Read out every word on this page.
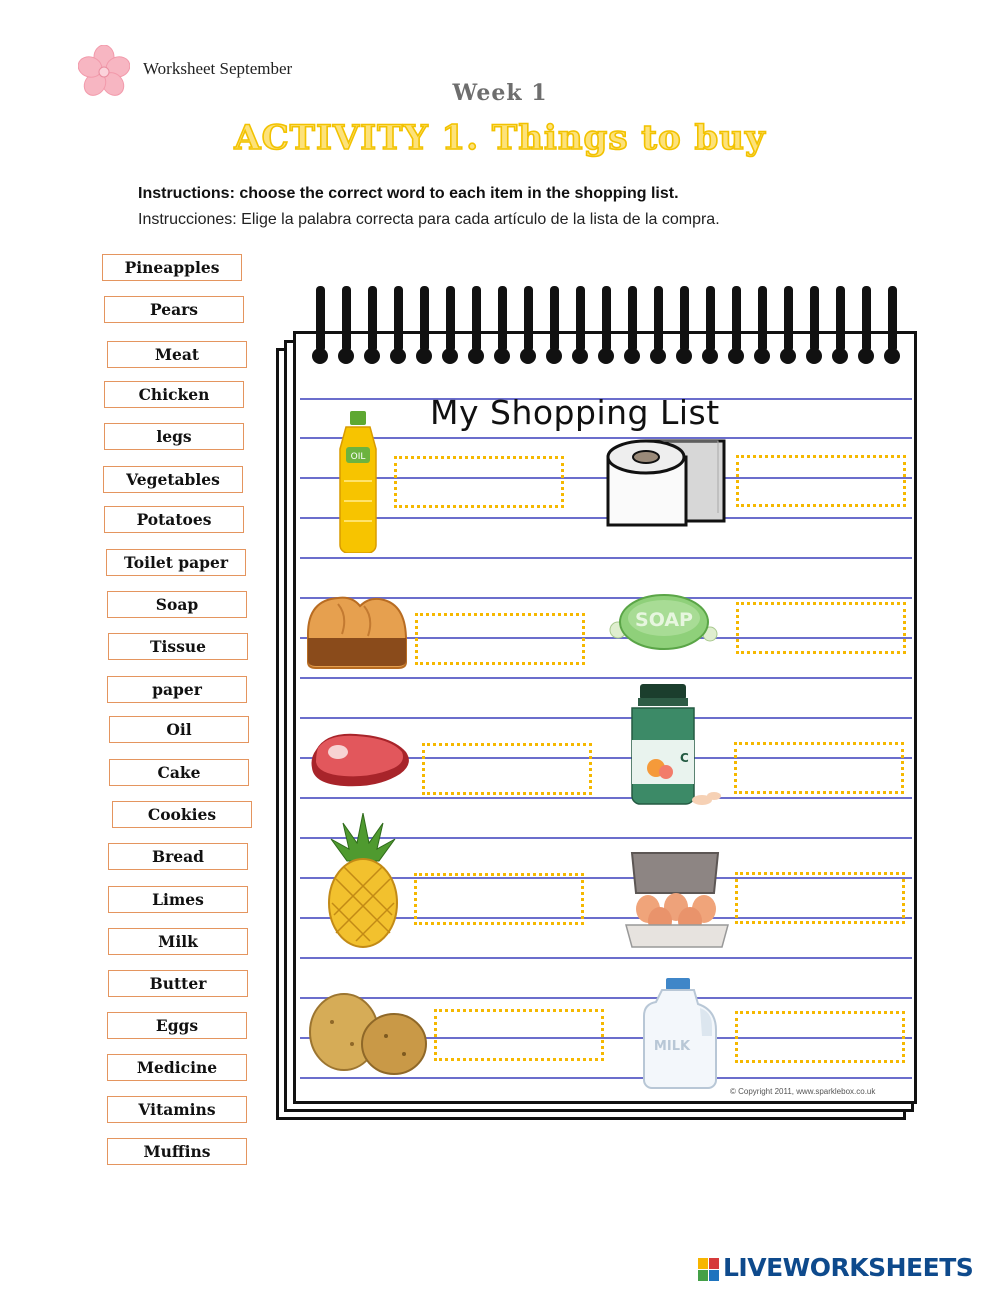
Worksheet September
Week 1
ACTIVITY 1. Things to buy
Instructions: choose the correct word to each item in the shopping list.
Instrucciones: Elige la palabra correcta para cada artículo de la lista de la compra.
Pineapples
Pears
Meat
Chicken
legs
Vegetables
Potatoes
Toilet paper
Soap
Tissue
paper
Oil
Cake
Cookies
Bread
Limes
Milk
Butter
Eggs
Medicine
Vitamins
Muffins
My Shopping List
OIL
SOAP
C
MILK
© Copyright 2011, www.sparklebox.co.uk
LIVEWORKSHEETS
